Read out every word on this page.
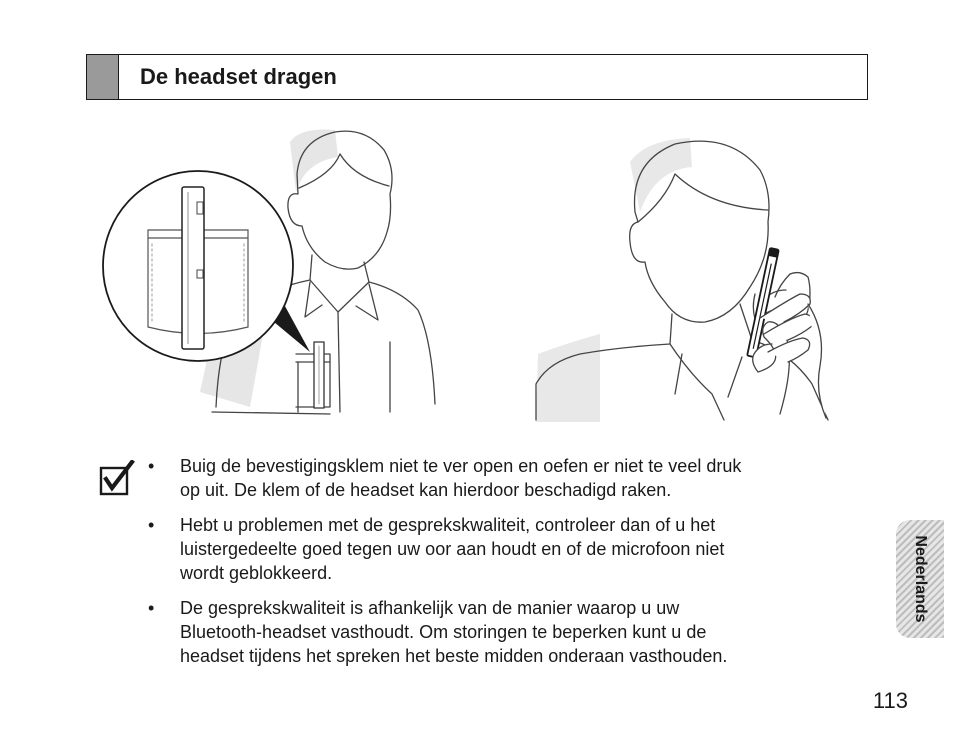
De headset dragen
• Buig de bevestigingsklem niet te ver open en oefen er niet te veel druk
op uit. De klem of de headset kan hierdoor beschadigd raken.
• Hebt u problemen met de gesprekskwaliteit, controleer dan of u het
luistergedeelte goed tegen uw oor aan houdt en of de microfoon niet
wordt geblokkeerd.
• De gesprekskwaliteit is afhankelijk van de manier waarop u uw
Bluetooth-headset vasthoudt. Om storingen te beperken kunt u de
headset tijdens het spreken het beste midden onderaan vasthouden.
Nederlands
113
